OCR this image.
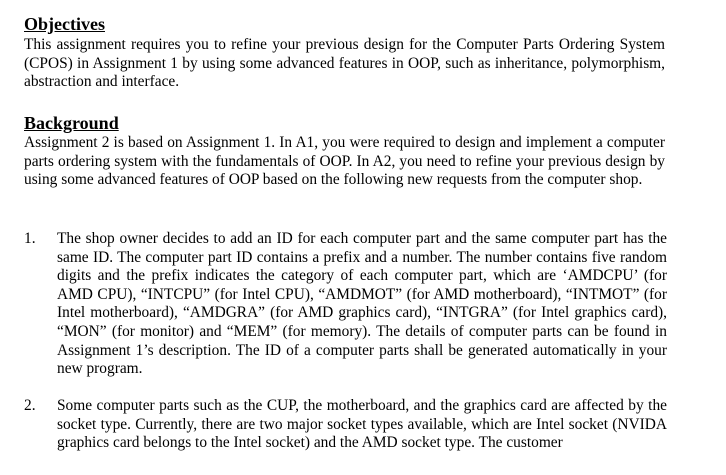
Objectives

This assignment requires you to refine your previous design for the Computer Parts Ordering System (CPOS) in Assignment 1 by using some advanced features in OOP, such as inheritance, polymorphism, abstraction and interface.

Background

Assignment 2 is based on Assignment 1. In A1, you were required to design and implement a computer parts ordering system with the fundamentals of OOP. In A2, you need to refine your previous design by using some advanced features of OOP based on the following new requests from the computer shop.

1. The shop owner decides to add an ID for each computer part and the same computer part has the same ID. The computer part ID contains a prefix and a number. The number contains five random digits and the prefix indicates the category of each computer part, which are ‘AMDCPU’ (for AMD CPU), “INTCPU” (for Intel CPU), “AMDMOT” (for AMD motherboard), “INTMOT” (for Intel motherboard), “AMDGRA” (for AMD graphics card), “INTGRA” (for Intel graphics card), “MON” (for monitor) and “MEM” (for memory). The details of computer parts can be found in Assignment 1’s description. The ID of a computer parts shall be generated automatically in your new program.

2. Some computer parts such as the CUP, the motherboard, and the graphics card are affected by the socket type. Currently, there are two major socket types available, which are Intel socket (NVIDA graphics card belongs to the Intel socket) and the AMD socket type. The customer
